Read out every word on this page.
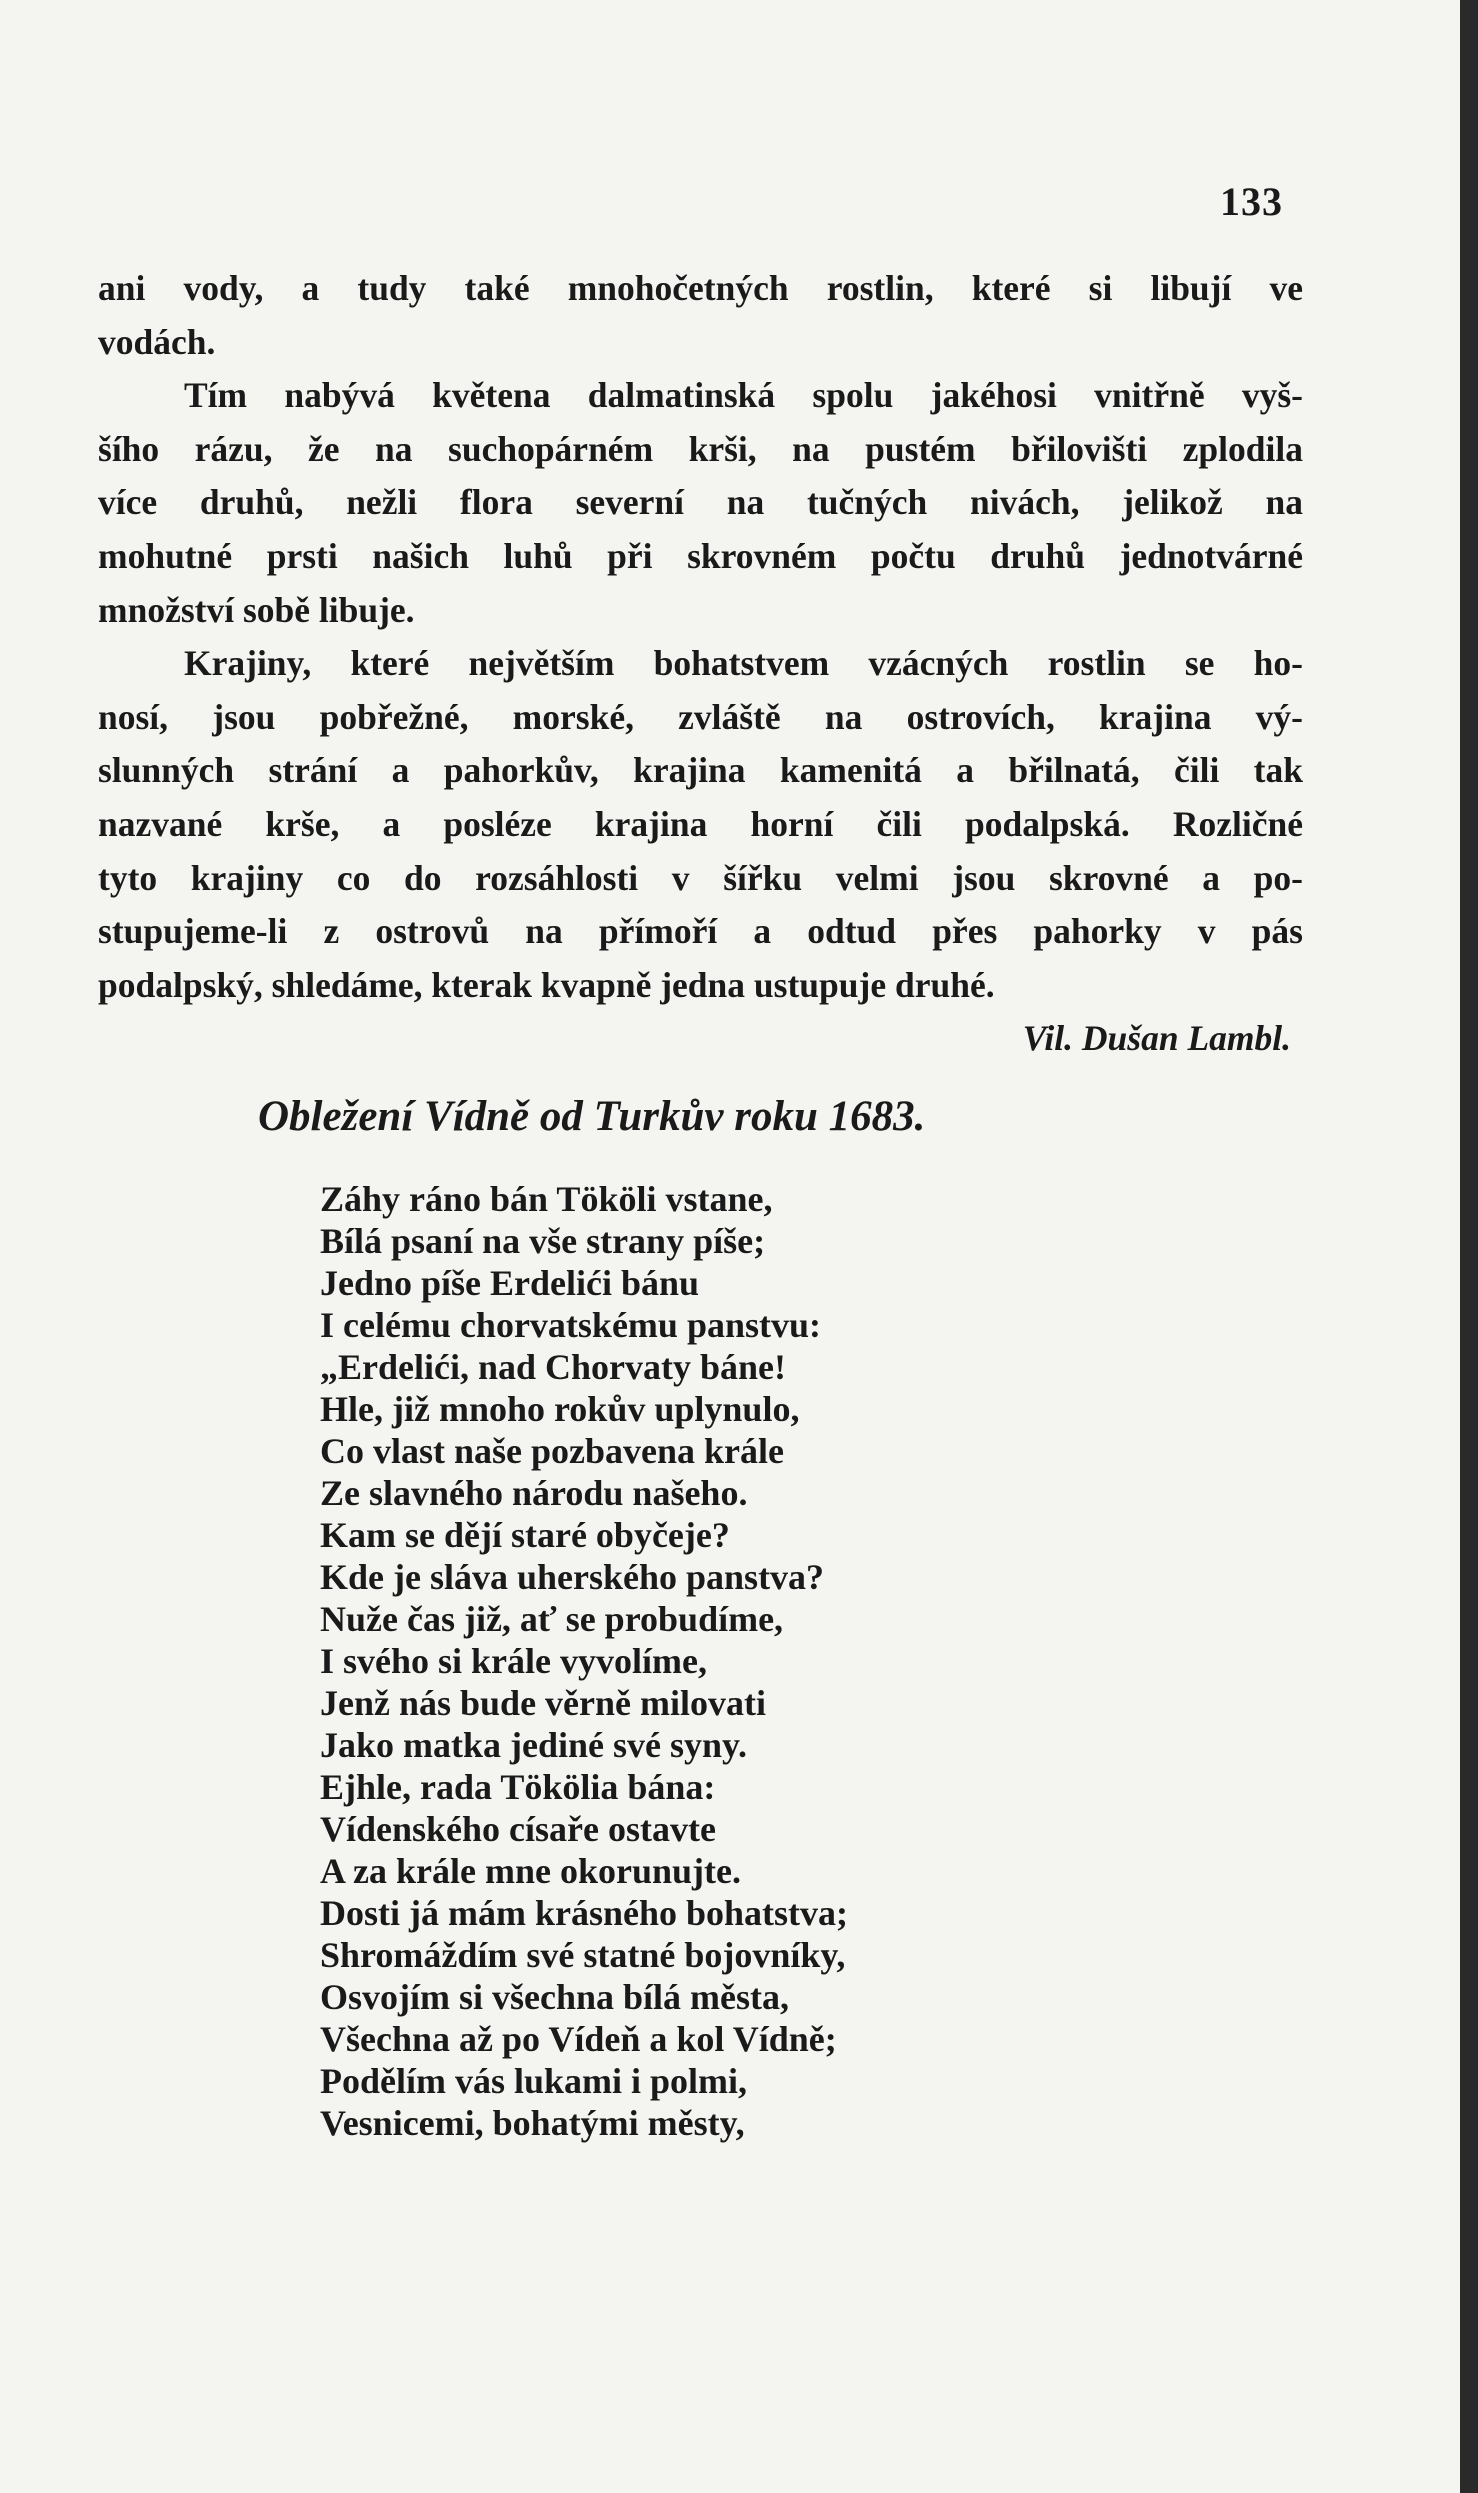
133
ani vody, a tudy také mnohočetných rostlin, které si libují ve
vodách.
Tím nabývá květena dalmatinská spolu jakéhosi vnitřně vyš-
šího rázu, že na suchopárném krši, na pustém břilovišti zplodila
více druhů, nežli flora severní na tučných nivách, jelikož na
mohutné prsti našich luhů při skrovném počtu druhů jednotvárné
množství sobě libuje.
Krajiny, které největším bohatstvem vzácných rostlin se ho-
nosí, jsou pobřežné, morské, zvláště na ostrovích, krajina vý-
slunných strání a pahorkův, krajina kamenitá a břilnatá, čili tak
nazvané krše, a posléze krajina horní čili podalpská. Rozličné
tyto krajiny co do rozsáhlosti v šířku velmi jsou skrovné a po-
stupujeme-li z ostrovů na přímoří a odtud přes pahorky v pás
podalpský, shledáme, kterak kvapně jedna ustupuje druhé.
Vil. Dušan Lambl.
Obležení Vídně od Turkův roku 1683.
Záhy ráno bán Tököli vstane,
Bílá psaní na vše strany píše;
Jedno píše Erdelići bánu
I celému chorvatskému panstvu:
„Erdelići, nad Chorvaty báne!
Hle, již mnoho rokův uplynulo,
Co vlast naše pozbavena krále
Ze slavného národu našeho.
Kam se dějí staré obyčeje?
Kde je sláva uherského panstva?
Nuže čas již, ať se probudíme,
I svého si krále vyvolíme,
Jenž nás bude věrně milovati
Jako matka jediné své syny.
Ejhle, rada Tökölia bána:
Vídenského císaře ostavte
A za krále mne okorunujte.
Dosti já mám krásného bohatstva;
Shromáždím své statné bojovníky,
Osvojím si všechna bílá města,
Všechna až po Vídeň a kol Vídně;
Podělím vás lukami i polmi,
Vesnicemi, bohatými městy,
